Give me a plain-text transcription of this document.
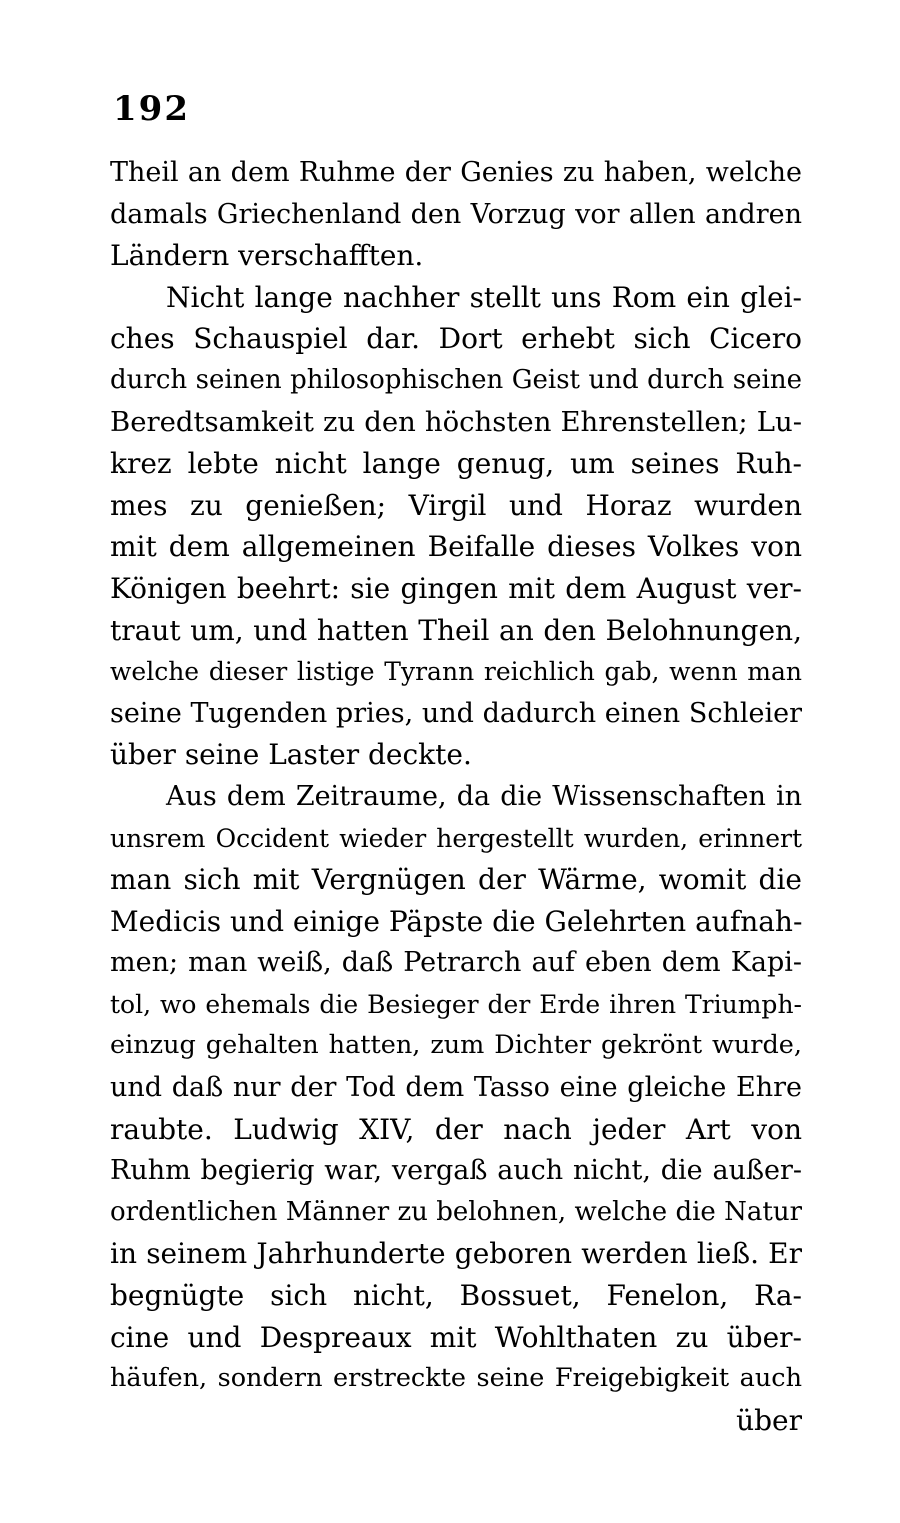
192
Theil an dem Ruhme der Genies zu haben, welche
damals Griechenland den Vorzug vor allen andren
Ländern verschafften.
Nicht lange nachher stellt uns Rom ein glei-
ches Schauspiel dar. Dort erhebt sich Cicero
durch seinen philosophischen Geist und durch seine
Beredtsamkeit zu den höchsten Ehrenstellen; Lu-
krez lebte nicht lange genug, um seines Ruh-
mes zu genießen; Virgil und Horaz wurden
mit dem allgemeinen Beifalle dieses Volkes von
Königen beehrt: sie gingen mit dem August ver-
traut um, und hatten Theil an den Belohnungen,
welche dieser listige Tyrann reichlich gab, wenn man
seine Tugenden pries, und dadurch einen Schleier
über seine Laster deckte.
Aus dem Zeitraume, da die Wissenschaften in
unsrem Occident wieder hergestellt wurden, erinnert
man sich mit Vergnügen der Wärme, womit die
Medicis und einige Päpste die Gelehrten aufnah-
men; man weiß, daß Petrarch auf eben dem Kapi-
tol, wo ehemals die Besieger der Erde ihren Triumph-
einzug gehalten hatten, zum Dichter gekrönt wurde,
und daß nur der Tod dem Tasso eine gleiche Ehre
raubte. Ludwig XIV, der nach jeder Art von
Ruhm begierig war, vergaß auch nicht, die außer-
ordentlichen Männer zu belohnen, welche die Natur
in seinem Jahrhunderte geboren werden ließ. Er
begnügte sich nicht, Bossuet, Fenelon, Ra-
cine und Despreaux mit Wohlthaten zu über-
häufen, sondern erstreckte seine Freigebigkeit auch
über
